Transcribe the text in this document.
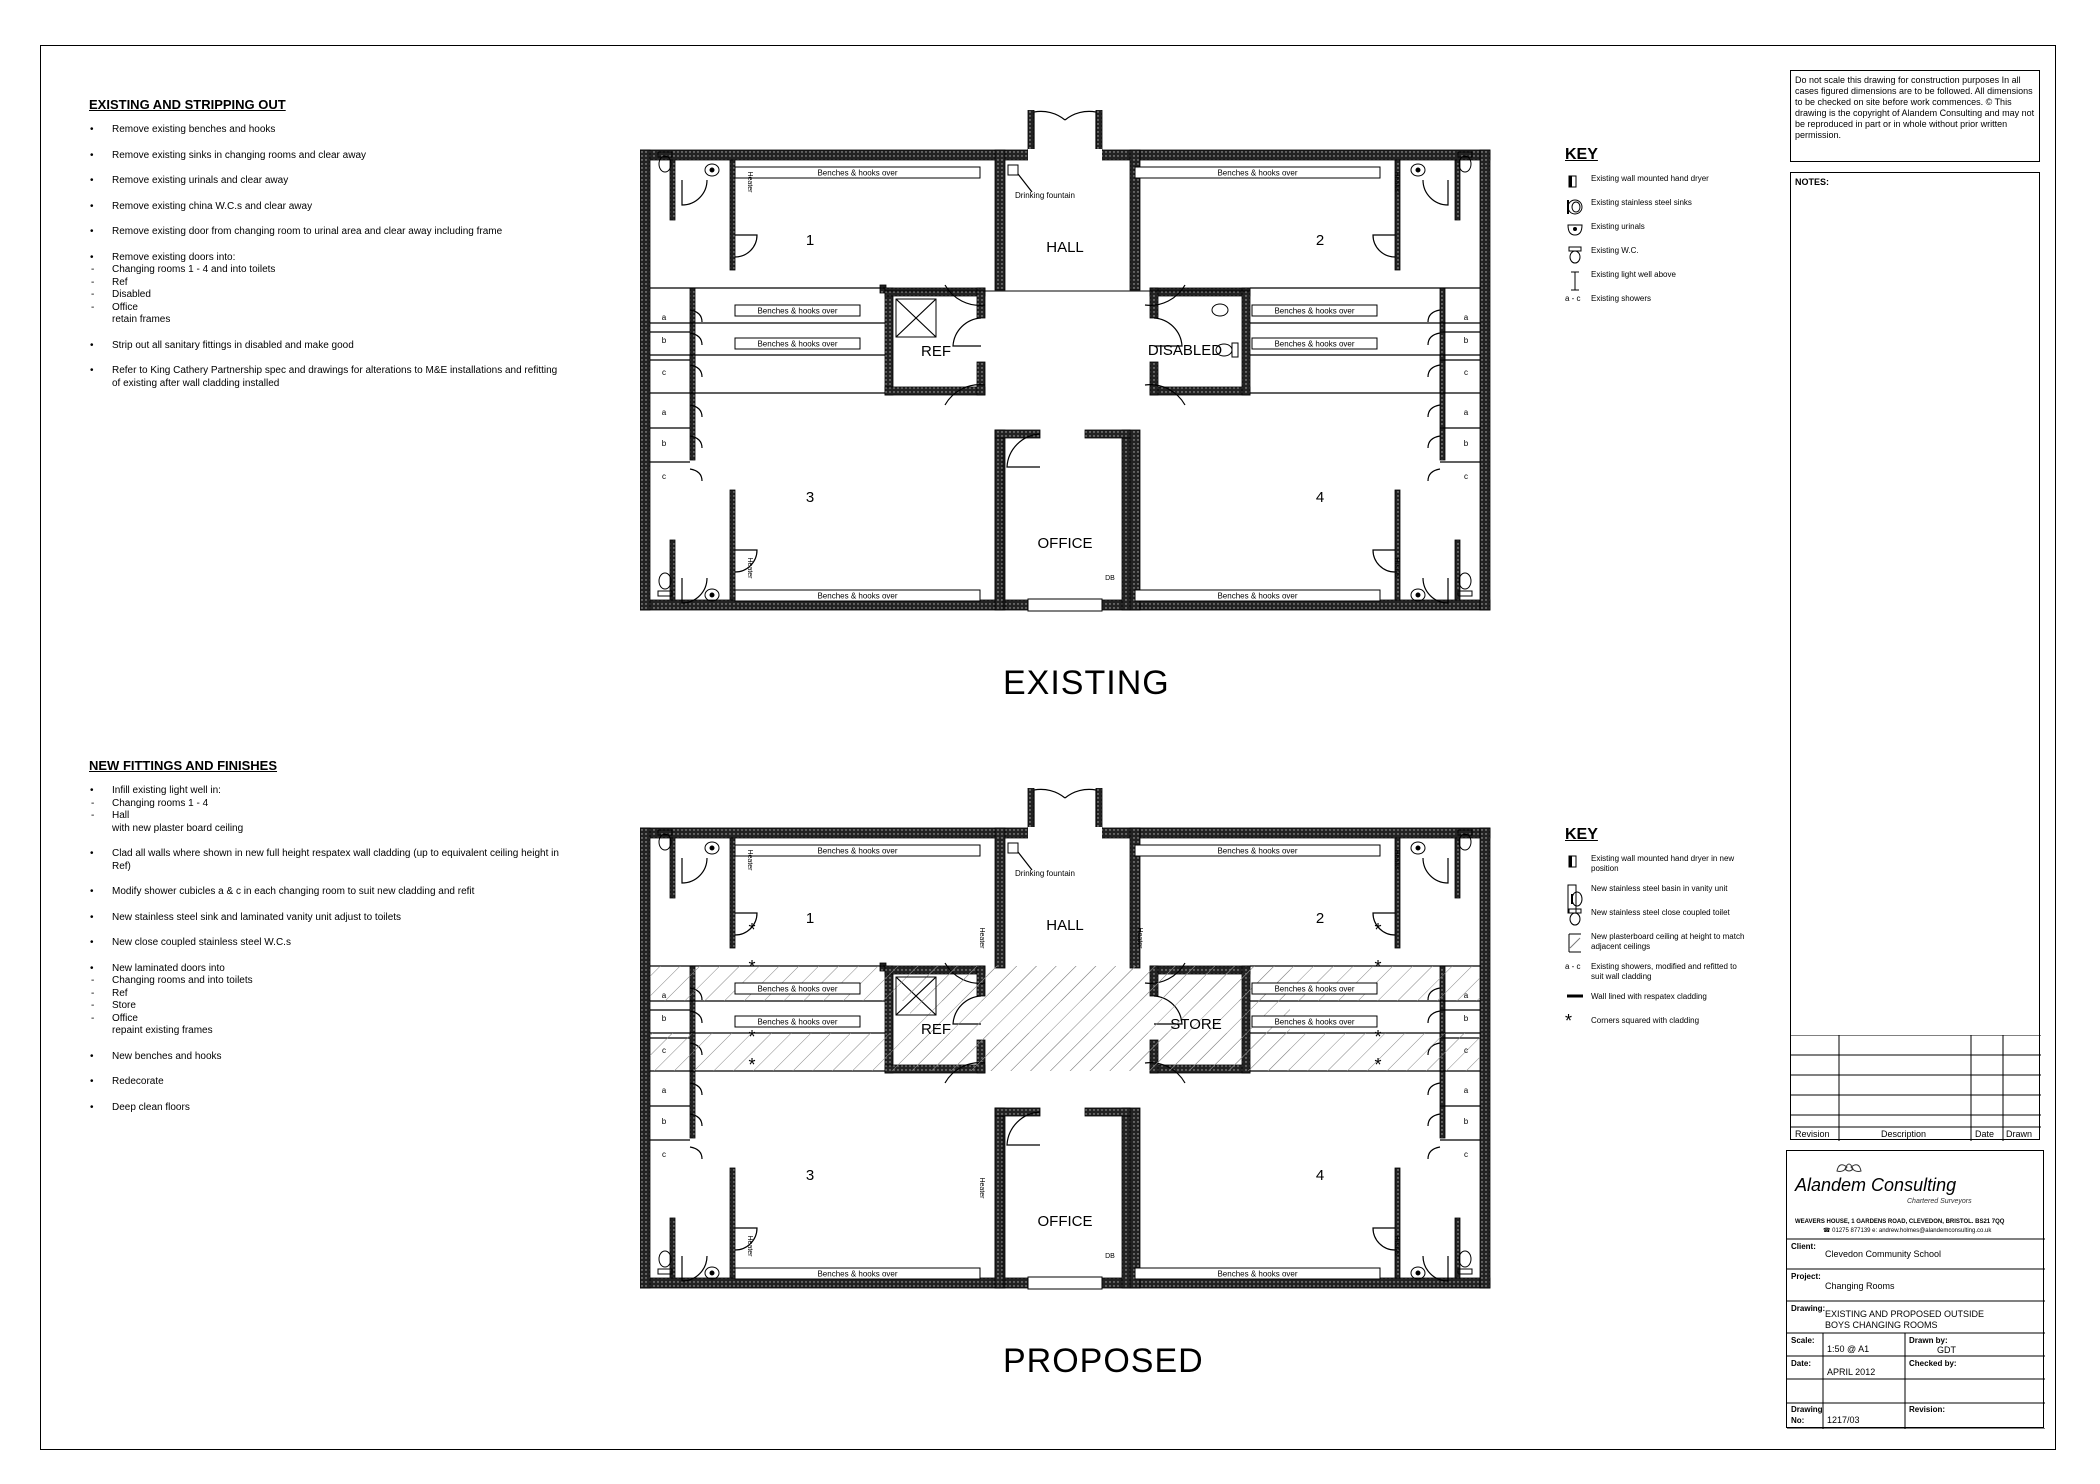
EXISTING AND STRIPPING OUT
• Remove existing benches and hooks
• Remove existing sinks in changing rooms and clear away
• Remove existing urinals and clear away
• Remove existing china W.C.s and clear away
• Remove existing door from changing room to urinal area and clear away including frame
• Remove existing doors into:
- Changing rooms 1 - 4 and into toilets
- Ref
- Disabled
- Office
retain frames
• Strip out all sanitary fittings in disabled and make good
• Refer to King Cathery Partnership spec and drawings for alterations to M&E installations and refitting of existing after wall cladding installed
NEW FITTINGS AND FINISHES
• Infill existing light well in:
- Changing rooms 1 - 4
- Hall
with new plaster board ceiling
• Clad all walls where shown in new full height respatex wall cladding (up to equivalent ceiling height in Ref)
• Modify shower cubicles a & c in each changing room to suit new cladding and refit
• New stainless steel sink and laminated vanity unit adjust to toilets
• New close coupled stainless steel W.C.s
• New laminated doors into
- Changing rooms and into toilets
- Ref
- Store
- Office
repaint existing frames
• New benches and hooks
• Redecorate
• Deep clean floors
a
b
c
a
b
c
a
b
c
a
b
c
Benches & hooks over	Benches & hooks over
Benches & hooks over	Benches & hooks over
Benches & hooks over	Benches & hooks over
Benches & hooks over	Benches & hooks over
1	2
3	4
HALL
REF	DISABLED
OFFICE
Drinking fountain
Heater	Heater
Heater	Heater
DB
EXISTING
a
b
c
a
b
c
a
b
c
a
b
c
Benches & hooks over	Benches & hooks over
Benches & hooks over	Benches & hooks over
Benches & hooks over	Benches & hooks over
Benches & hooks over	Benches & hooks over
1	2
3	4
HALL
REF	STORE
OFFICE
Drinking fountain
Heater	Heater
Heater	Heater
Heater	Heater
Heater
DB
*
*
*
*
*
*
*
*
PROPOSED
KEY
Existing wall mounted hand dryer
Existing stainless steel sinks
Existing urinals
Existing W.C.
Existing light well above
a - c	Existing showers
KEY
Existing wall mounted hand dryer in new position
New stainless steel basin in vanity unit
New stainless steel close coupled toilet
New plasterboard ceiling at height to match adjacent ceilings
a - c	Existing showers, modified and refitted to suit wall cladding
Wall lined with respatex cladding
*	Corners squared with cladding
Do not scale this drawing for construction purposes In all cases figured dimensions are to be followed. All dimensions to be checked on site before work commences. © This drawing is the copyright of Alandem Consulting and may not be reproduced in part or in whole without prior written permission.
NOTES:
Revision	Description	Date Drawn
Alandem Consulting
Chartered Surveyors
WEAVERS HOUSE, 1 GARDENS ROAD, CLEVEDON, BRISTOL. BS21 7QQ
☎ 01275 877139 e: andrew.holmes@alandemconsulting.co.uk
Client:
Clevedon Community School
Project:
Changing Rooms
Drawing:
EXISTING AND PROPOSED OUTSIDE
BOYS CHANGING ROOMS
Scale:
1:50 @ A1
Drawn by:
GDT
Date:
APRIL 2012
Checked by:
Drawing
No:	1217/03
Revision:
